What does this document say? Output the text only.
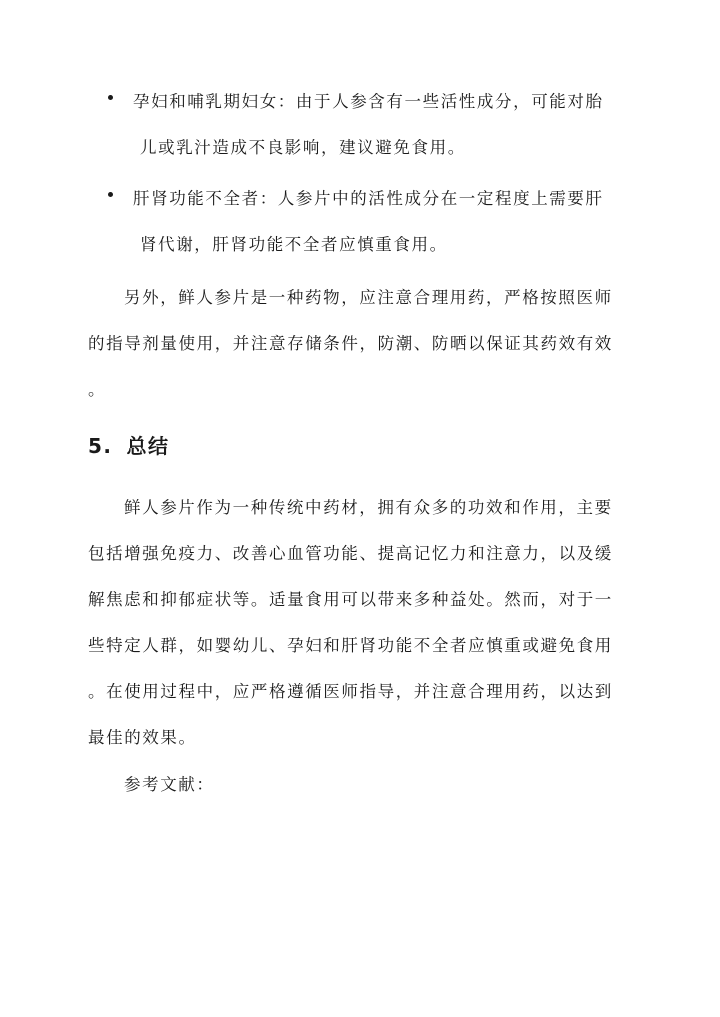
孕妇和哺乳期妇女：由于人参含有一些活性成分，可能对胎
儿或乳汁造成不良影响，建议避免食用。

肝肾功能不全者：人参片中的活性成分在一定程度上需要肝
肾代谢，肝肾功能不全者应慎重食用。

另外，鲜人参片是一种药物，应注意合理用药，严格按照医师
的指导剂量使用，并注意存储条件，防潮、防晒以保证其药效有效
。

5. 总结

鲜人参片作为一种传统中药材，拥有众多的功效和作用，主要
包括增强免疫力、改善心血管功能、提高记忆力和注意力，以及缓
解焦虑和抑郁症状等。适量食用可以带来多种益处。然而，对于一
些特定人群，如婴幼儿、孕妇和肝肾功能不全者应慎重或避免食用
。在使用过程中，应严格遵循医师指导，并注意合理用药，以达到
最佳的效果。

参考文献：
